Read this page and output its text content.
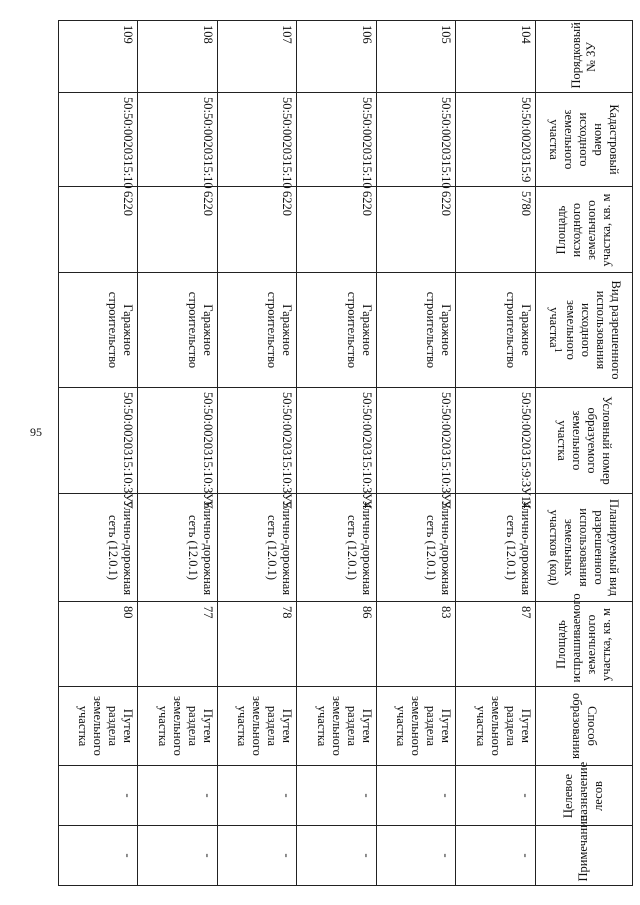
95
Порядковый № ЗУ	Кадастровый номер исходного земельного участка	Площадь исходного земельного участка, кв. м	Вид разрешенного использования исходного земельного участка$^1$	Условный номер образуемого земельного участка	Планируемый вид разрешенного использования земельных участков (код)	Площадь испрашиваемого земельного участка, кв. м	Способ образования	Целевое назначение лесов	Примечание
104	50:50:0020315:9	5780	Гаражное строительство	50:50:0020315:9:ЗУ14	Улично-дорожная сеть (12.0.1)	87	Путем раздела земельного участка	-	-
105	50:50:0020315:10	6220	Гаражное строительство	50:50:0020315:10:ЗУ3	Улично-дорожная сеть (12.0.1)	83	Путем раздела земельного участка	-	-
106	50:50:0020315:10	6220	Гаражное строительство	50:50:0020315:10:ЗУ4	Улично-дорожная сеть (12.0.1)	86	Путем раздела земельного участка	-	-
107	50:50:0020315:10	6220	Гаражное строительство	50:50:0020315:10:ЗУ5	Улично-дорожная сеть (12.0.1)	78	Путем раздела земельного участка	-	-
108	50:50:0020315:10	6220	Гаражное строительство	50:50:0020315:10:ЗУ6	Улично-дорожная сеть (12.0.1)	77	Путем раздела земельного участка	-	-
109	50:50:0020315:10	6220	Гаражное строительство	50:50:0020315:10:ЗУ7	Улично-дорожная сеть (12.0.1)	80	Путем раздела земельного участка	-	-
